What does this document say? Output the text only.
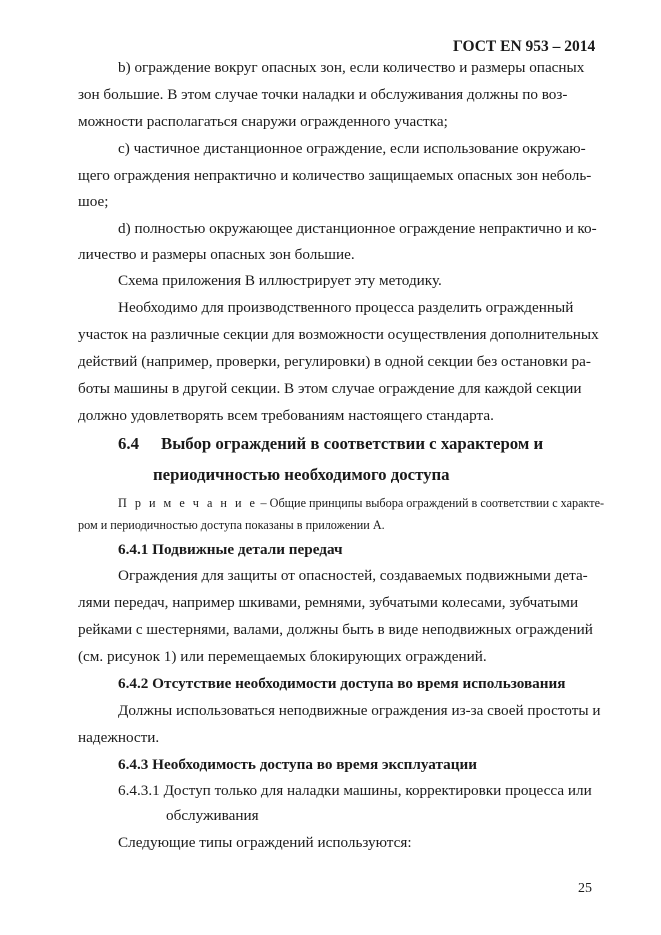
ГОСТ EN 953 – 2014
b) ограждение вокруг опасных зон, если количество и размеры опасных
зон большие. В этом случае точки наладки и обслуживания должны по воз-
можности располагаться снаружи огражденного участка;
c) частичное дистанционное ограждение, если использование окружаю-
щего ограждения непрактично и количество защищаемых опасных зон неболь-
шое;
d) полностью окружающее дистанционное ограждение непрактично и ко-
личество и размеры опасных зон большие.
Схема приложения В иллюстрирует эту методику.
Необходимо для производственного процесса разделить огражденный
участок на различные секции для возможности осуществления дополнительных
действий (например, проверки, регулировки) в одной секции без остановки ра-
боты машины в другой секции. В этом случае ограждение для каждой секции
должно удовлетворять всем требованиям настоящего стандарта.
6.4 Выбор ограждений в соответствии с характером и
периодичностью необходимого доступа
П р и м е ч а н и е – Общие принципы выбора ограждений в соответствии с характе-
ром и периодичностью доступа показаны в приложении А.
6.4.1 Подвижные детали передач
Ограждения для защиты от опасностей, создаваемых подвижными дета-
лями передач, например шкивами, ремнями, зубчатыми колесами, зубчатыми
рейками с шестернями, валами, должны быть в виде неподвижных ограждений
(см. рисунок 1) или перемещаемых блокирующих ограждений.
6.4.2 Отсутствие необходимости доступа во время использования
Должны использоваться неподвижные ограждения из-за своей простоты и
надежности.
6.4.3 Необходимость доступа во время эксплуатации
6.4.3.1 Доступ только для наладки машины, корректировки процесса или
обслуживания
Следующие типы ограждений используются:
25
